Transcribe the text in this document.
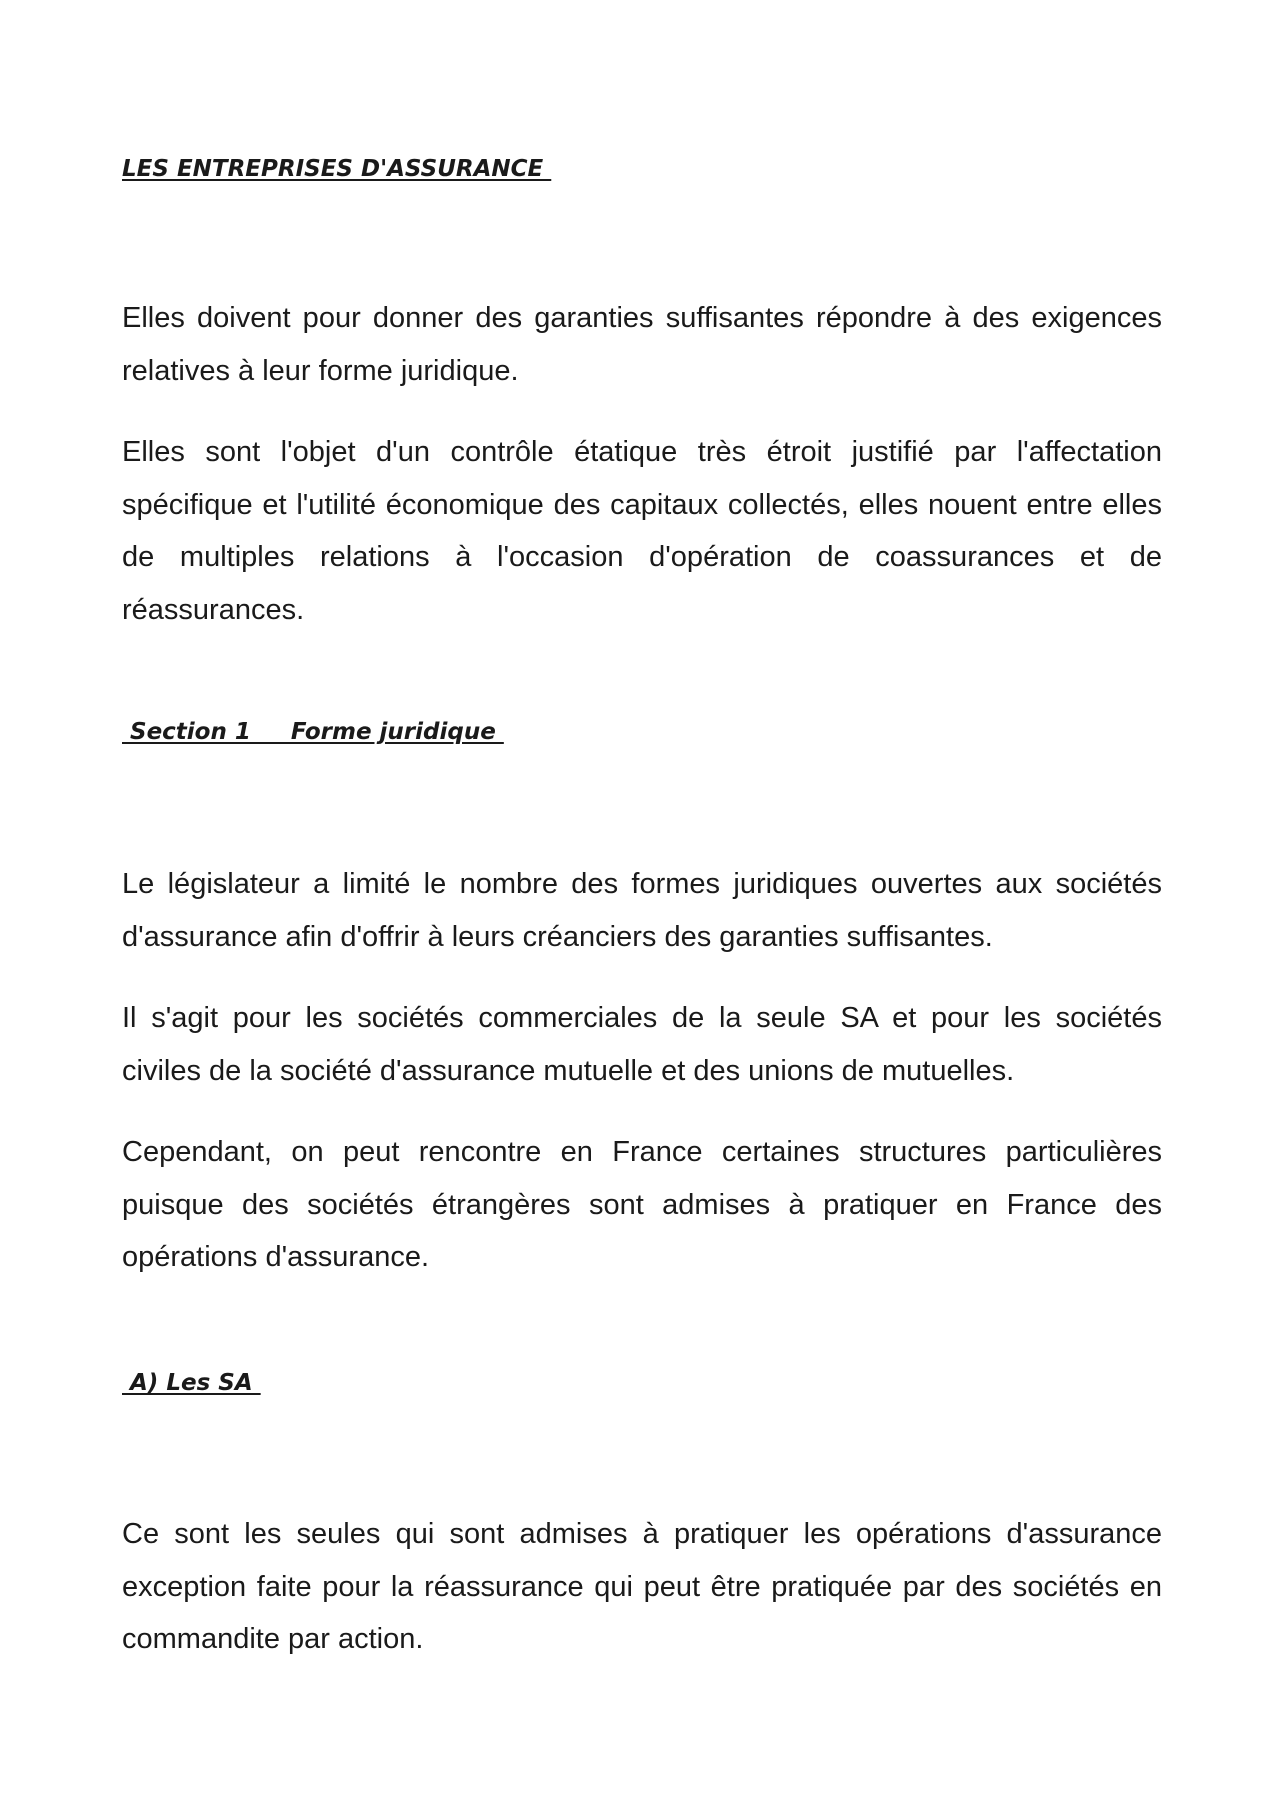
LES ENTREPRISES D'ASSURANCE

Elles doivent pour donner des garanties suffisantes répondre à des exigences relatives à leur forme juridique.

Elles sont l'objet d'un contrôle étatique très étroit justifié par l'affectation spécifique et l'utilité économique des capitaux collectés, elles nouent entre elles de multiples relations à l'occasion d'opération de coassurances et de réassurances.

Section 1     Forme juridique

Le législateur a limité le nombre des formes juridiques ouvertes aux sociétés d'assurance afin d'offrir à leurs créanciers des garanties suffisantes.

Il s'agit pour les sociétés commerciales de la seule SA et pour les sociétés civiles de la société d'assurance mutuelle et des unions de mutuelles.

Cependant, on peut rencontre en France certaines structures particulières puisque des sociétés étrangères sont admises à pratiquer en France des opérations d'assurance.

A) Les SA

Ce sont les seules qui sont admises à pratiquer les opérations d'assurance exception faite pour la réassurance qui peut être pratiquée par des sociétés en commandite par action.
